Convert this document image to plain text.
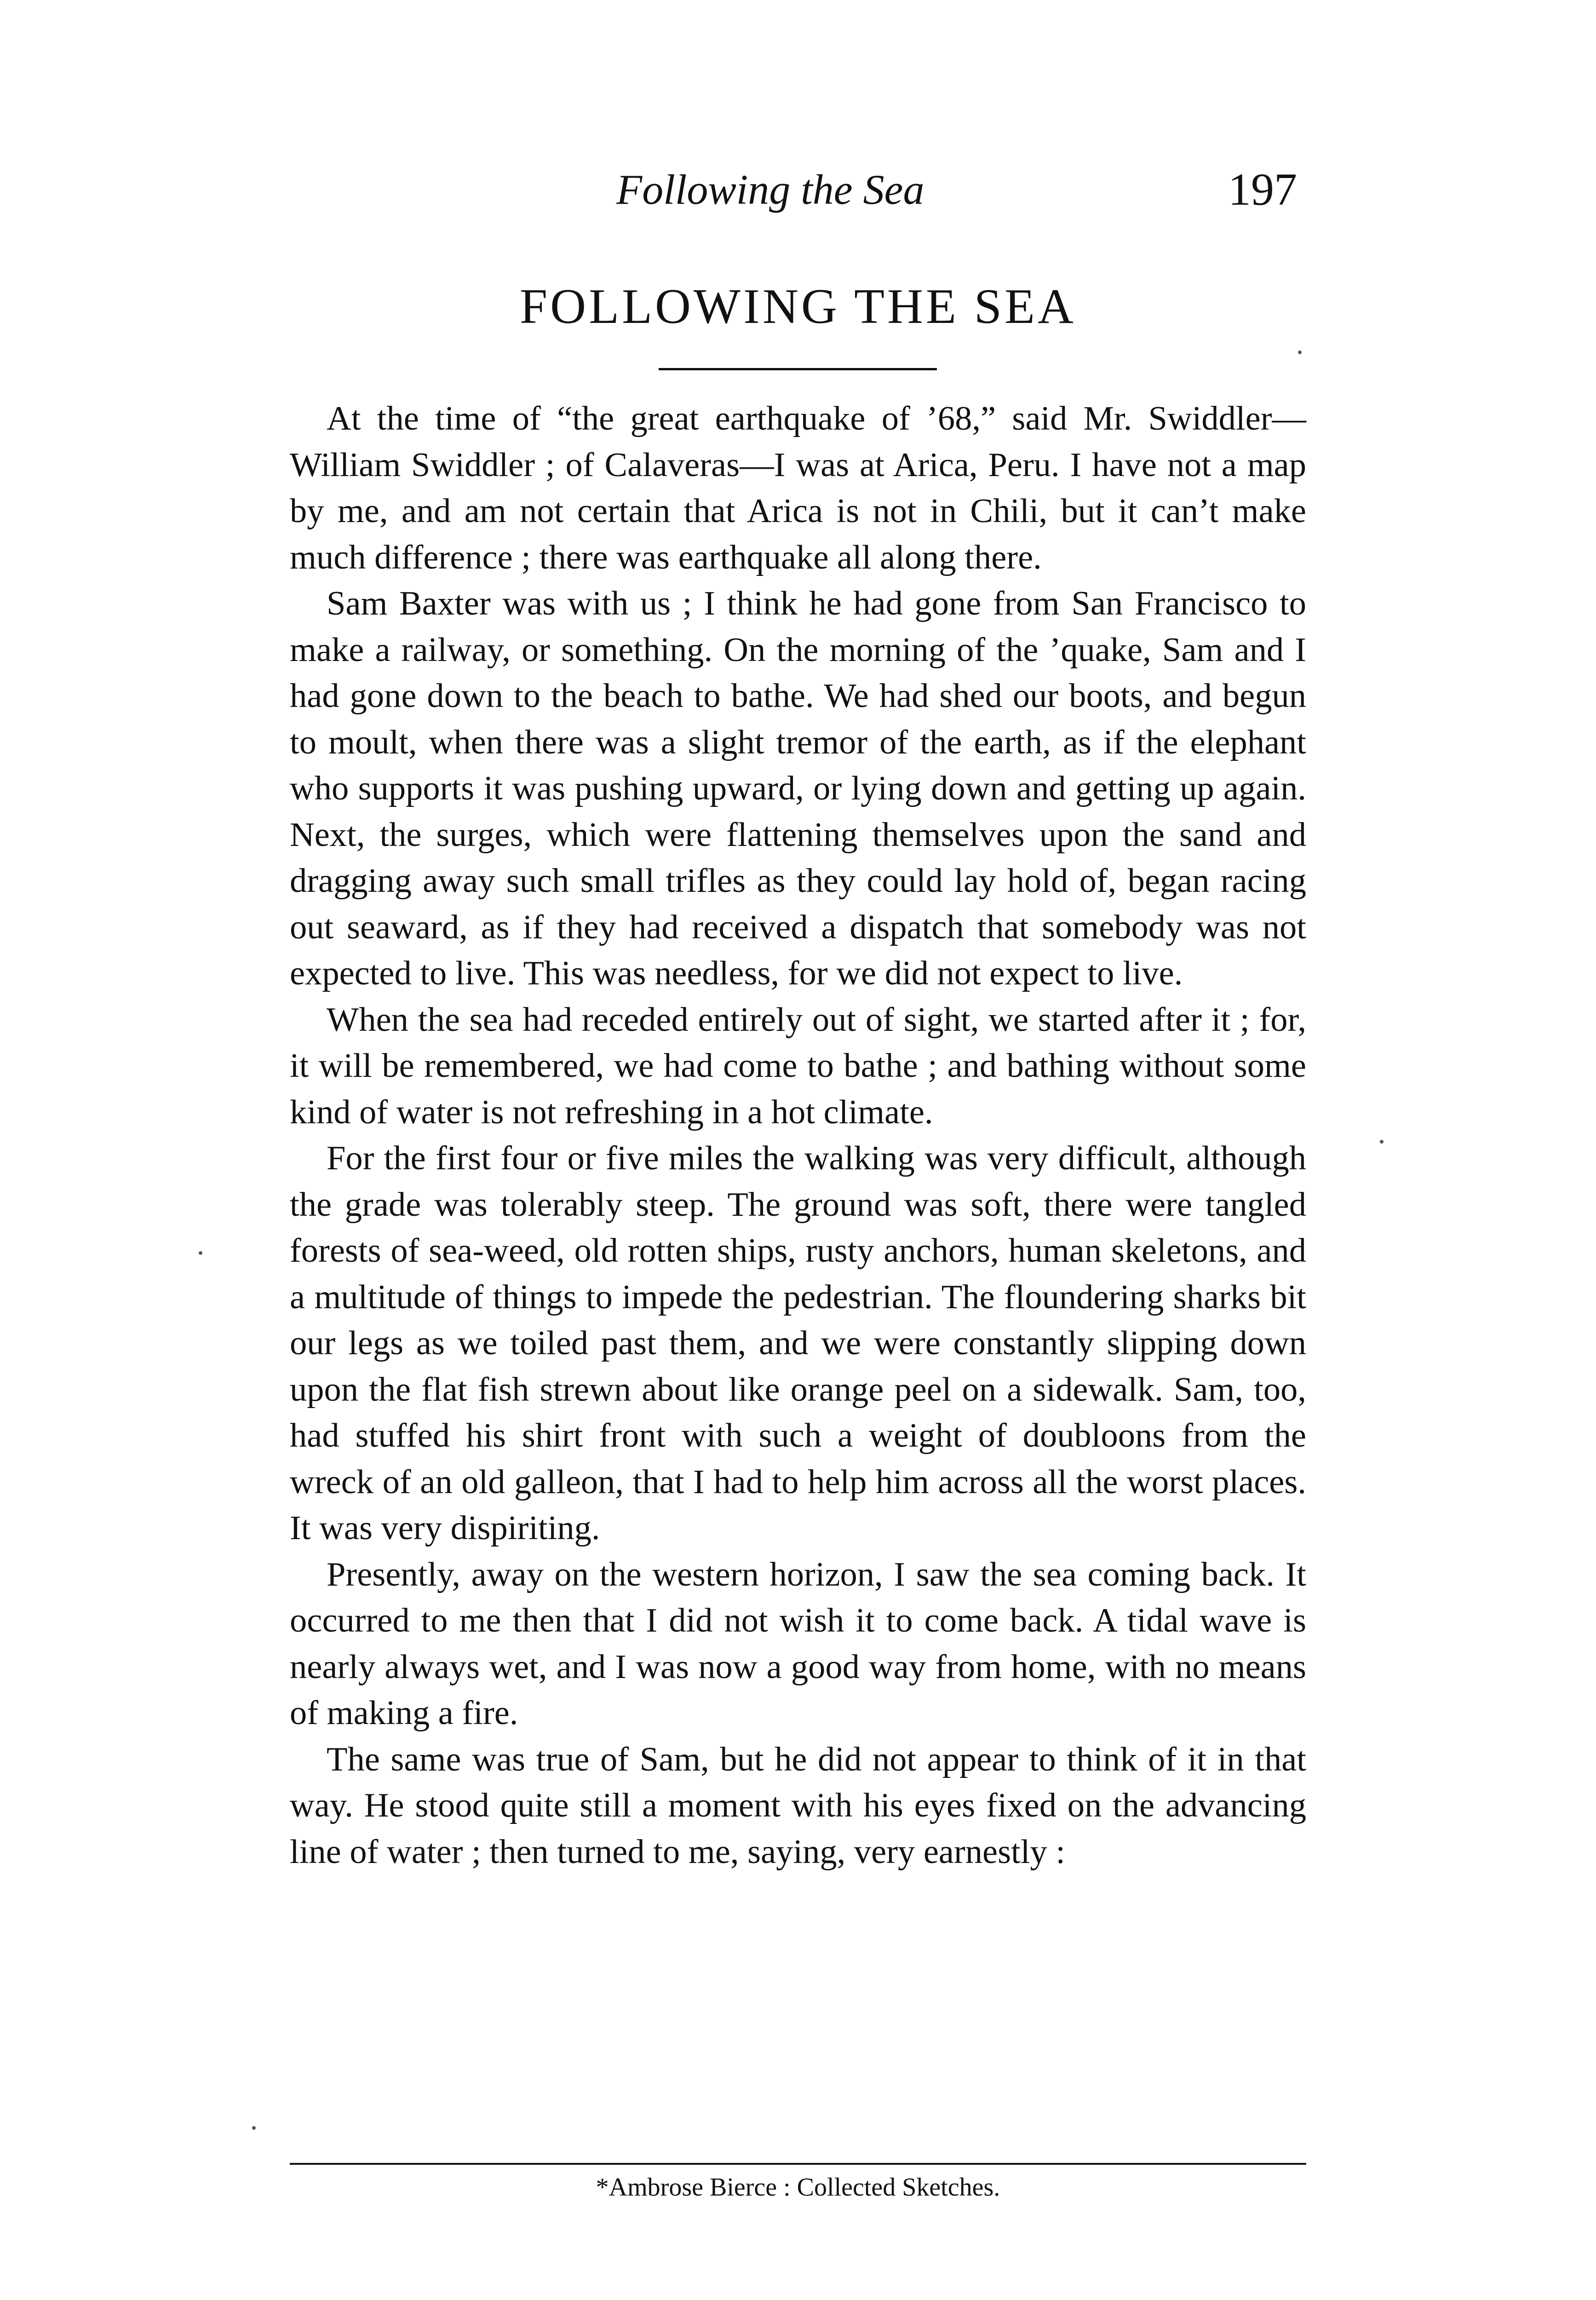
Following the Sea	197
FOLLOWING THE SEA

At the time of “the great earthquake of ’68,” said Mr. Swiddler—William Swiddler ; of Calaveras—I was at Arica, Peru. I have not a map by me, and am not certain that Arica is not in Chili, but it can’t make much difference ; there was earthquake all along there.

Sam Baxter was with us ; I think he had gone from San Francisco to make a railway, or something. On the morning of the ’quake, Sam and I had gone down to the beach to bathe. We had shed our boots, and begun to moult, when there was a slight tremor of the earth, as if the elephant who supports it was pushing upward, or lying down and getting up again. Next, the surges, which were flattening themselves upon the sand and dragging away such small trifles as they could lay hold of, began racing out seaward, as if they had received a dispatch that somebody was not expected to live. This was needless, for we did not expect to live.

When the sea had receded entirely out of sight, we started after it ; for, it will be remembered, we had come to bathe ; and bathing without some kind of water is not refreshing in a hot climate.

For the first four or five miles the walking was very difficult, although the grade was tolerably steep. The ground was soft, there were tangled forests of sea-weed, old rotten ships, rusty anchors, human skeletons, and a multitude of things to impede the pedestrian. The floundering sharks bit our legs as we toiled past them, and we were constantly slipping down upon the flat fish strewn about like orange peel on a sidewalk. Sam, too, had stuffed his shirt front with such a weight of doubloons from the wreck of an old galleon, that I had to help him across all the worst places. It was very dispiriting.

Presently, away on the western horizon, I saw the sea coming back. It occurred to me then that I did not wish it to come back. A tidal wave is nearly always wet, and I was now a good way from home, with no means of making a fire.

The same was true of Sam, but he did not appear to think of it in that way. He stood quite still a moment with his eyes fixed on the advancing line of water ; then turned to me, saying, very earnestly :

*Ambrose Bierce : Collected Sketches.
